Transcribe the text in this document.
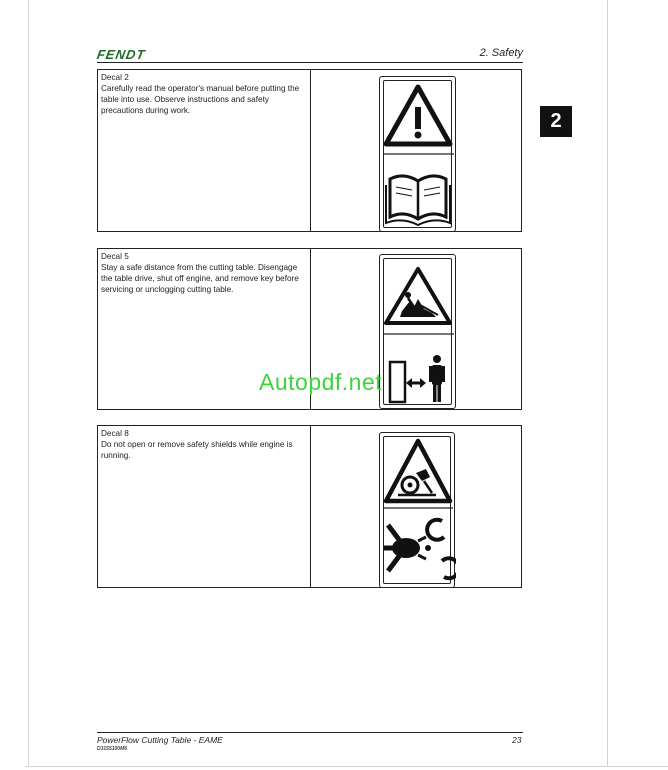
FENDT	2. Safety
2
Decal 2
Carefully read the operator's manual before putting the table into use. Observe instructions and safety precautions during work.
Decal 5
Stay a safe distance from the cutting table. Disengage the table drive, shut off engine, and remove key before servicing or unclogging cutting table.
Decal 8
Do not open or remove safety shields while engine is running.
Autopdf.net
PowerFlow Cutting Table - EAME
D3155100M6
23
